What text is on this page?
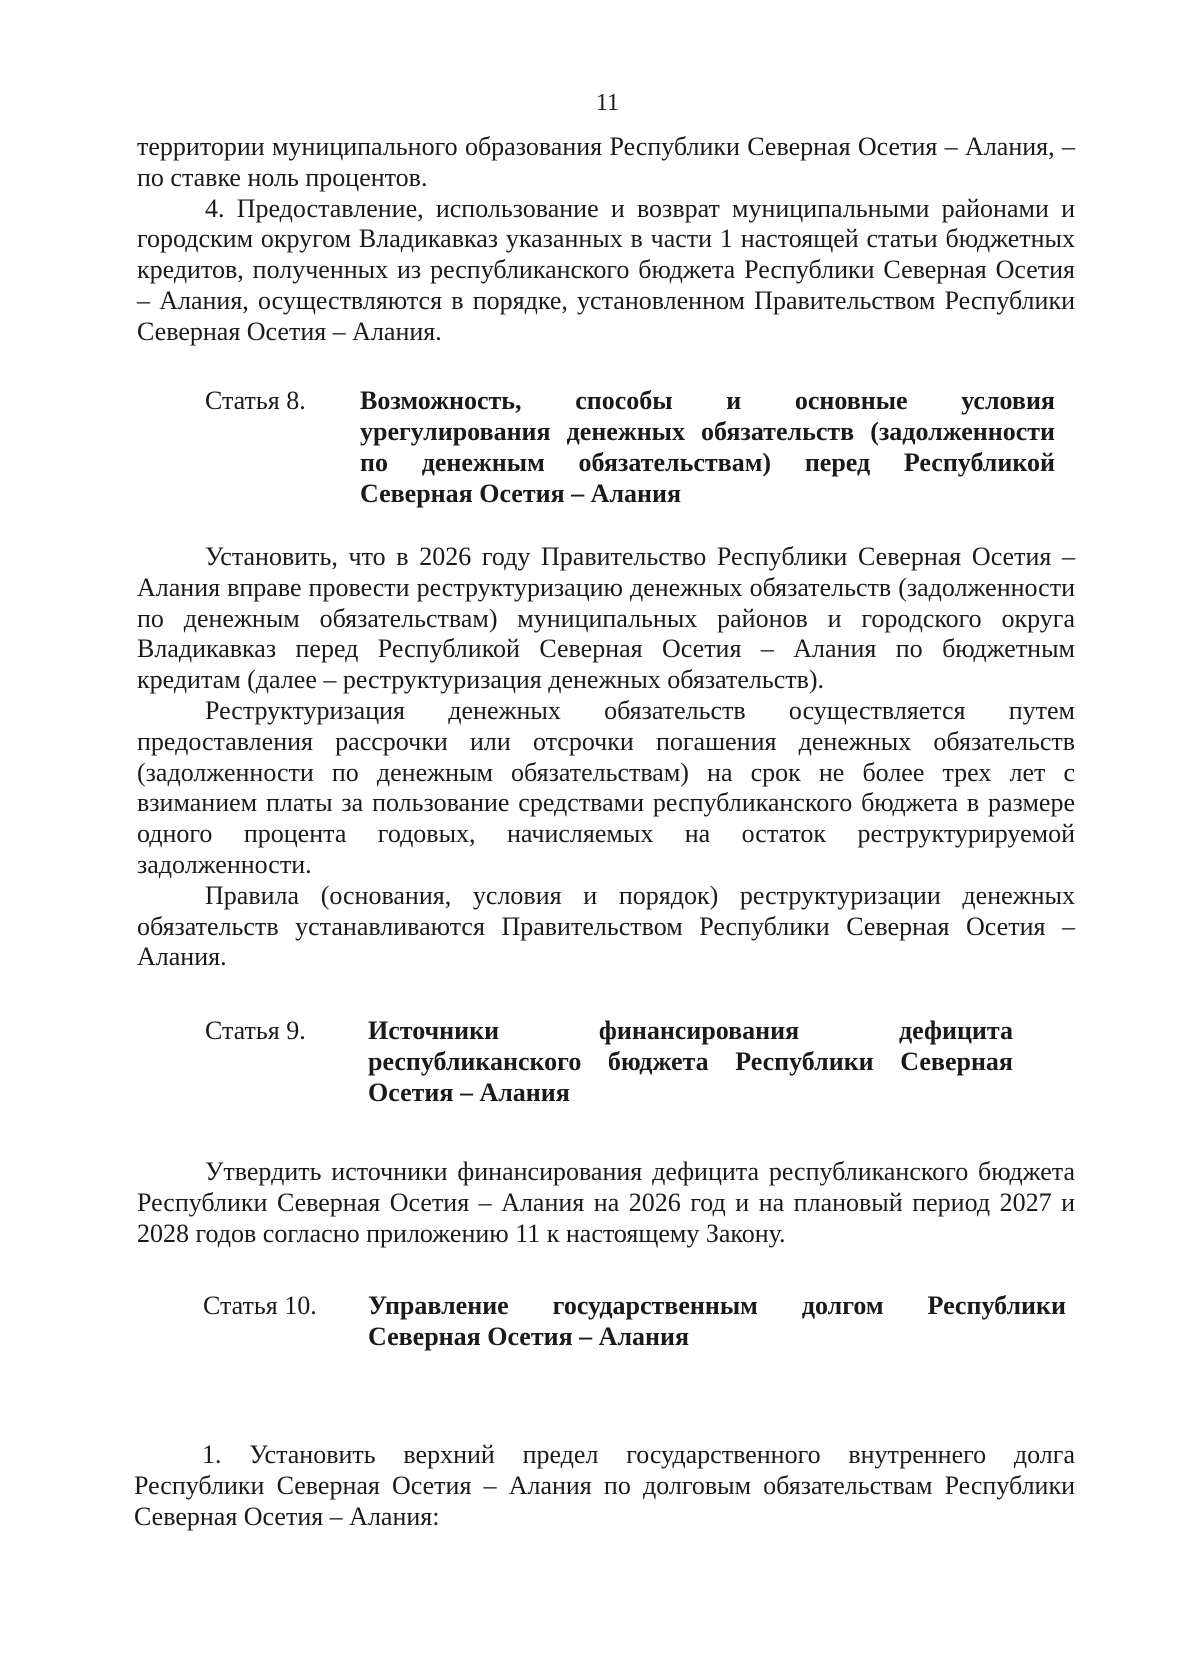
11

территории муниципального образования Республики Северная Осетия – Алания, – по ставке ноль процентов.

4. Предоставление, использование и возврат муниципальными районами и городским округом Владикавказ указанных в части 1 настоящей статьи бюджетных кредитов, полученных из республиканского бюджета Республики Северная Осетия – Алания, осуществляются в порядке, установленном Правительством Республики Северная Осетия – Алания.

Статья 8. Возможность, способы и основные условия урегулирования денежных обязательств (задолженности по денежным обязательствам) перед Республикой Северная Осетия – Алания

Установить, что в 2026 году Правительство Республики Северная Осетия – Алания вправе провести реструктуризацию денежных обязательств (задолженности по денежным обязательствам) муниципальных районов и городского округа Владикавказ перед Республикой Северная Осетия – Алания по бюджетным кредитам (далее – реструктуризация денежных обязательств).

Реструктуризация денежных обязательств осуществляется путем предоставления рассрочки или отсрочки погашения денежных обязательств (задолженности по денежным обязательствам) на срок не более трех лет с взиманием платы за пользование средствами республиканского бюджета в размере одного процента годовых, начисляемых на остаток реструктурируемой задолженности.

Правила (основания, условия и порядок) реструктуризации денежных обязательств устанавливаются Правительством Республики Северная Осетия – Алания.

Статья 9. Источники финансирования дефицита республиканского бюджета Республики Северная Осетия – Алания

Утвердить источники финансирования дефицита республиканского бюджета Республики Северная Осетия – Алания на 2026 год и на плановый период 2027 и 2028 годов согласно приложению 11 к настоящему Закону.

Статья 10. Управление государственным долгом Республики Северная Осетия – Алания

1. Установить верхний предел государственного внутреннего долга Республики Северная Осетия – Алания по долговым обязательствам Республики Северная Осетия – Алания:
